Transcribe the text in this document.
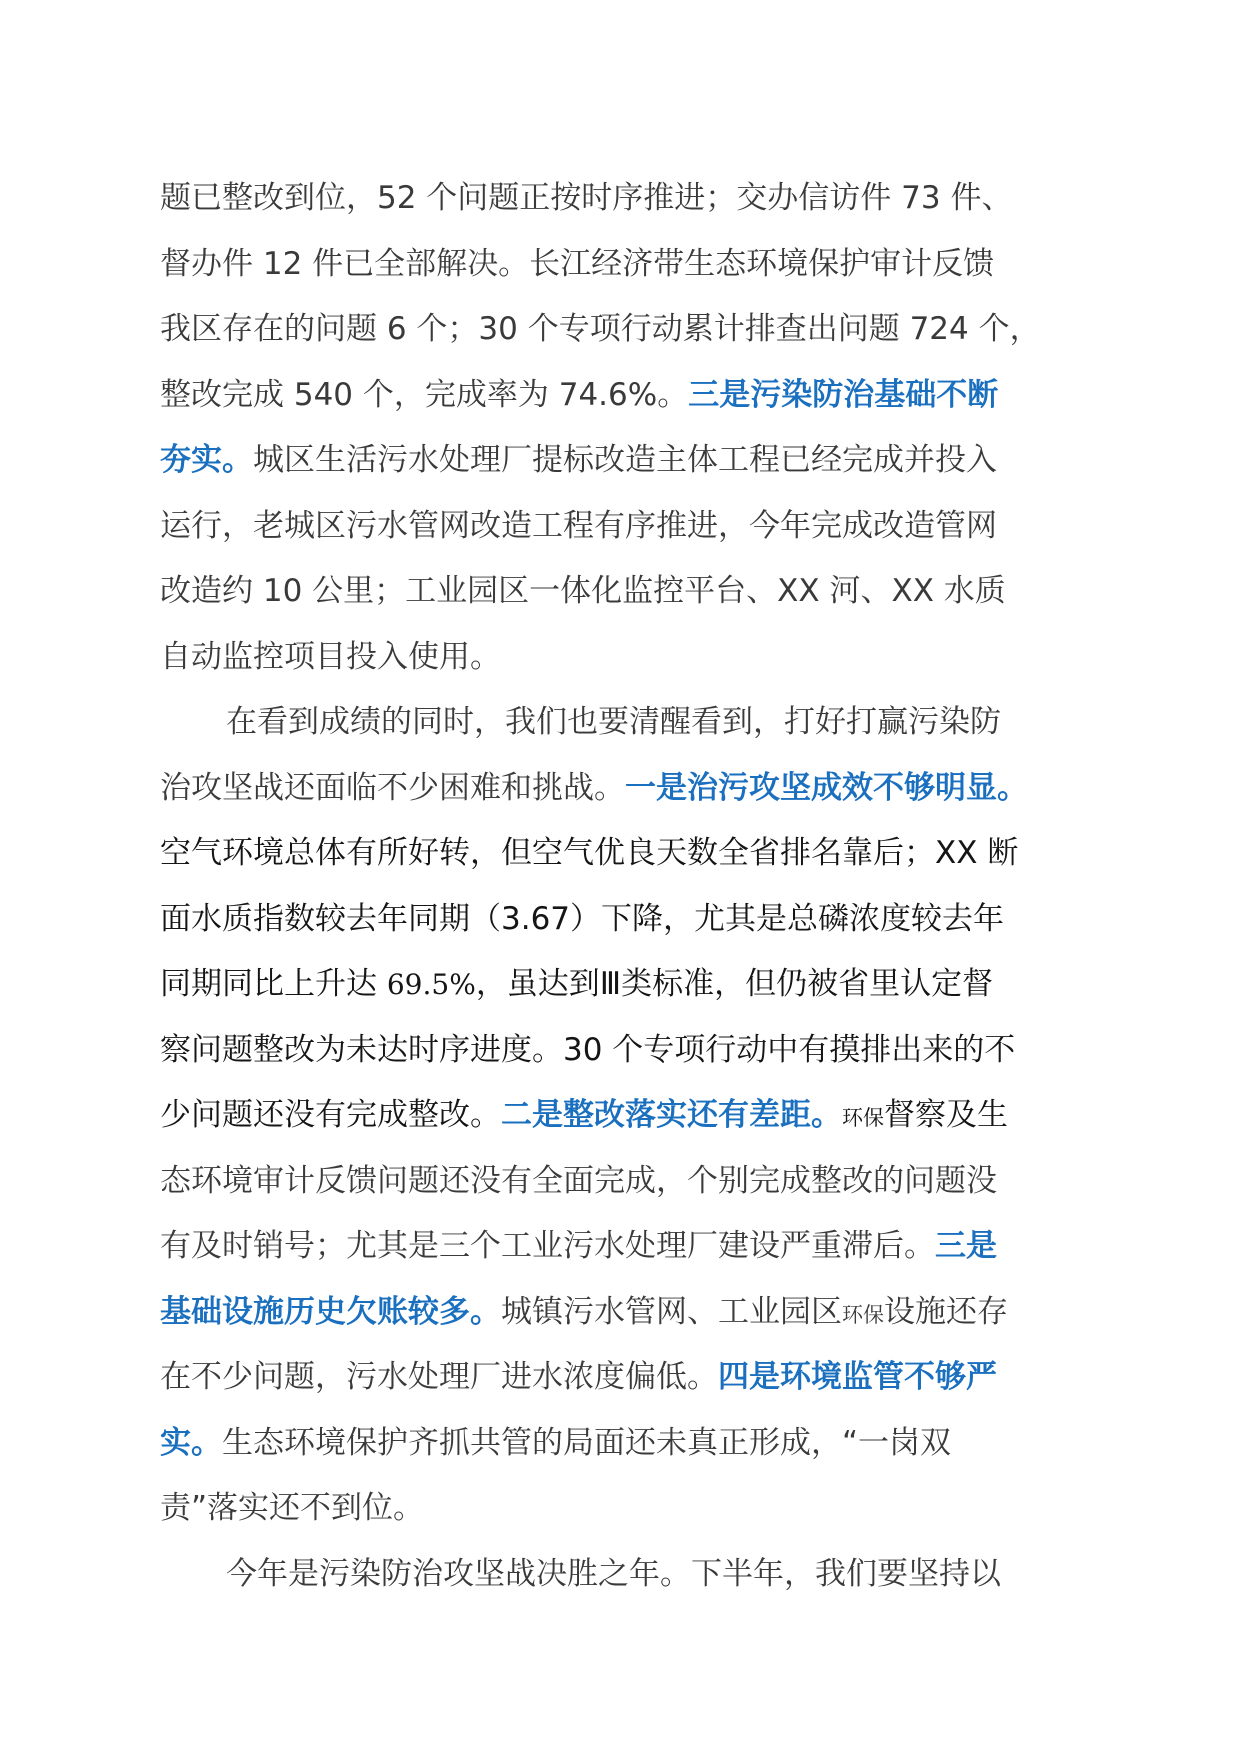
题已整改到位，52 个问题正按时序推进；交办信访件 73 件、
督办件 12 件已全部解决。长江经济带生态环境保护审计反馈
我区存在的问题 6 个；30 个专项行动累计排查出问题 724 个，
整改完成 540 个，完成率为 74.6%。三是污染防治基础不断
夯实。城区生活污水处理厂提标改造主体工程已经完成并投入
运行，老城区污水管网改造工程有序推进，今年完成改造管网
改造约 10 公里；工业园区一体化监控平台、XX 河、XX 水质
自动监控项目投入使用。
在看到成绩的同时，我们也要清醒看到，打好打赢污染防
治攻坚战还面临不少困难和挑战。一是治污攻坚成效不够明显。
空气环境总体有所好转，但空气优良天数全省排名靠后；XX 断
面水质指数较去年同期（3.67）下降，尤其是总磷浓度较去年
同期同比上升达 69.5%，虽达到Ⅲ类标准，但仍被省里认定督
察问题整改为未达时序进度。30 个专项行动中有摸排出来的不
少问题还没有完成整改。二是整改落实还有差距。环保督察及生
态环境审计反馈问题还没有全面完成，个别完成整改的问题没
有及时销号；尤其是三个工业污水处理厂建设严重滞后。三是
基础设施历史欠账较多。城镇污水管网、工业园区环保设施还存
在不少问题，污水处理厂进水浓度偏低。四是环境监管不够严
实。生态环境保护齐抓共管的局面还未真正形成，“一岗双
责”落实还不到位。
今年是污染防治攻坚战决胜之年。下半年，我们要坚持以
